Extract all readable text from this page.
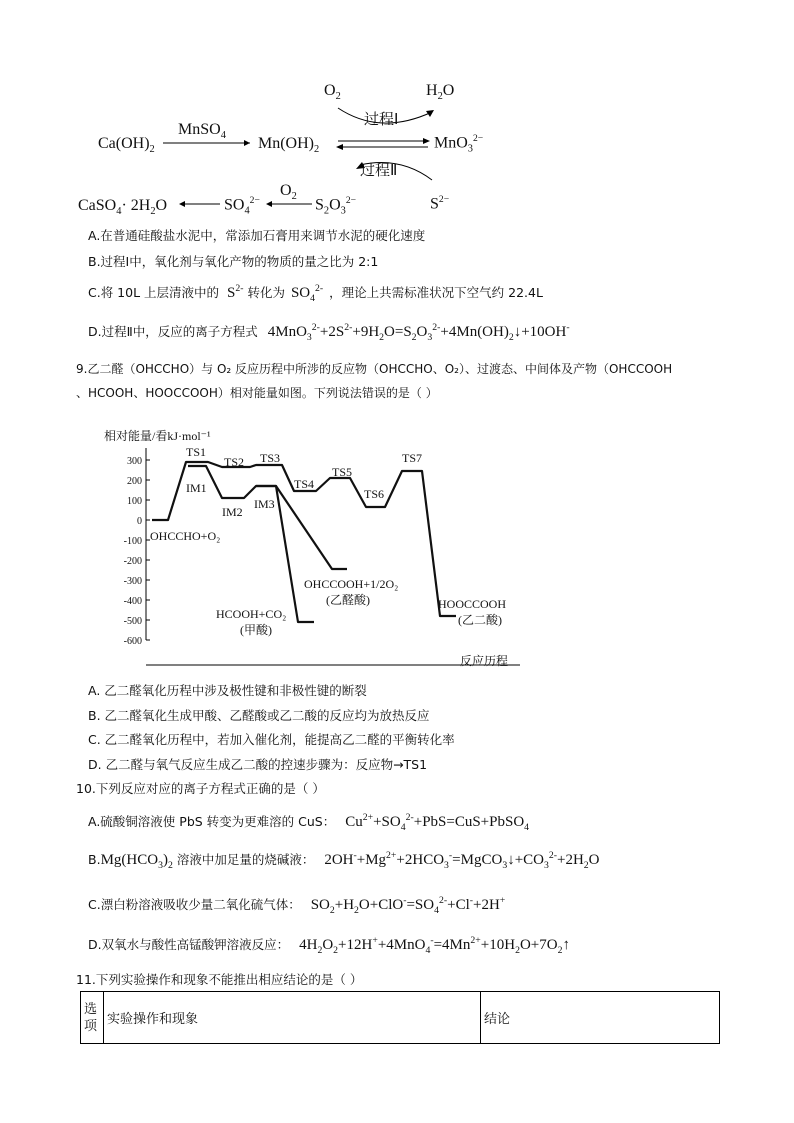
$O_2$	$H_2O$
过程Ⅰ
$Ca(OH)_2$
MnSO$_4$ $Mn(OH)_2$	MnO$_3^{2-}$
过程Ⅱ
$O_2$
CaSO$_4$· $2H_2O$	$SO_4^{2-}$	$S_2O_3^{2-}$	$S^{2-}$
A.在普通硅酸盐水泥中，常添加石膏用来调节水泥的硬化速度
B.过程Ⅰ中，氧化剂与氧化产物的物质的量之比为 2:1
C.将 10L 上层清液中的 $S^{2-}$ 转化为 $SO_4^{2-}$ ，理论上共需标准状况下空气约 22.4L
D.过程Ⅱ中，反应的离子方程式 $4MnO_3^{2-}+2S^{2-}+9H_2O=S_2O_3^{2-}+4Mn(OH)_2↓+10OH^-$
9.乙二醛（OHCCHO）与 O₂ 反应历程中所涉的反应物（OHCCHO、O₂）、过渡态、中间体及产物（OHCCOOH
、HCOOH、HOOCCOOH）相对能量如图。下列说法错误的是（ ）
相对能量/看kJ·mol⁻¹
反应历程
300
200
100
0
-100
-200
-300
-400
-500
-600
TS1
TS2 TS3
TS4
TS5
TS6
TS7
IM1
IM2
IM3
OHCCHO+O₂
OHCCOOH+1/2O₂
(乙醛酸)
HCOOH+CO₂
(甲酸)
HOOCCOOH
(乙二酸)
A. 乙二醛氧化历程中涉及极性键和非极性键的断裂
B. 乙二醛氧化生成甲酸、乙醛酸或乙二酸的反应均为放热反应
C. 乙二醛氧化历程中，若加入催化剂，能提高乙二醛的平衡转化率
D. 乙二醛与氧气反应生成乙二酸的控速步骤为：反应物→TS1
10.下列反应对应的离子方程式正确的是（ ）
A.硫酸铜溶液使 PbS 转变为更难溶的 CuS： $Cu^{2+}+SO_4^{2-}+PbS=CuS+PbSO_4$
$B.Mg(HCO_3)_2$ 溶液中加足量的烧碱液： $2OH^-+Mg^{2+}+2HCO_3^-=MgCO_3↓+CO_3^{2-}+2H_2O$
C.漂白粉溶液吸收少量二氧化硫气体： $SO_2+H_2O+ClO^-=SO_4^{2-}+Cl^-+2H^+$
D.双氧水与酸性高锰酸钾溶液反应： $4H_2O_2+12H^++4MnO_4^-=4Mn^{2+}+10H_2O+7O_2↑$
11.下列实验操作和现象不能推出相应结论的是（ ）
选项	实验操作和现象	结论
